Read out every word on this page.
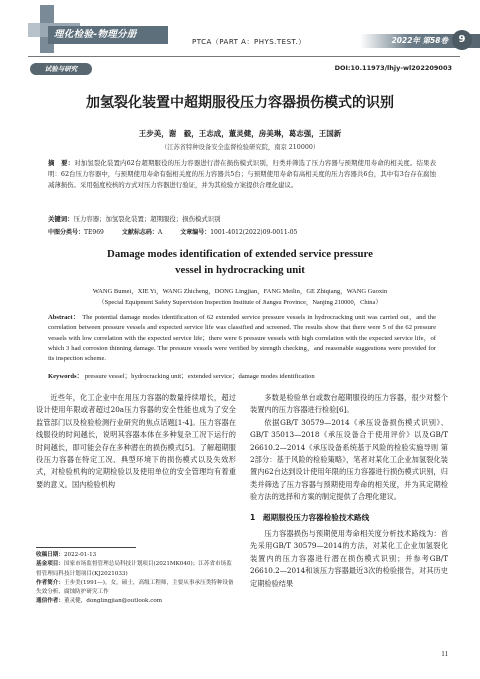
理化检验-物理分册
PTCA（PART A：PHYS.TEST.）	2022年 第58卷	9
试验与研究	DOI:10.11973/lhjy-wl202209003
加氢裂化装置中超期服役压力容器损伤模式的识别
王步美，谢　毅，王志成，董灵健，房美琳，葛志强，王国新
（江苏省特种设备安全监督检验研究院，南京 210000）
摘　要：对加氢裂化装置内62台超期服役的压力容器进行潜在损伤模式识别，归类并筛选了压力容器与预期使用寿命的相关度。结果表明：62台压力容器中，与预期使用寿命有强相关度的压力容器共5台；与预期使用寿命有高相关度的压力容器共6台，其中有3台存在腐蚀减薄损伤。采用强度校核的方式对压力容器进行验证，并为其检验方案提供合理化建议。
关键词：压力容器；加氢裂化装置；超期服役；损伤模式识别
中图分类号：TE969	文献标志码：A	文章编号：1001-4012(2022)09-0011-05
Damage modes identification of extended service pressure
vessel in hydrocracking unit
WANG Bumei，XIE Yi，WANG Zhicheng，DONG Lingjian，FANG Meilin，GE Zhiqiang，WANG Guoxin
（Special Equipment Safety Supervision Inspection Institute of Jiangsu Province，Nanjing 210000，China）
Abstract： The potential damage modes identification of 62 extended service pressure vessels in hydrocracking unit was carried out，and the correlation between pressure vessels and expected service life was classified and screened. The results show that there were 5 of the 62 pressure vessels with low correlation with the expected service life；there were 6 pressure vessels with high correlation with the expected service life，of which 3 had corrosion thinning damage. The pressure vessels were verified by strength checking，and reasonable suggestions were provided for its inspection scheme.
Keywords： pressure vessel；hydrocracking unit；extended service；damage modes identification

近些年，化工企业中在用压力容器的数量持续增长，超过设计使用年限或者超过20a压力容器的安全性能也成为了安全监管部门以及检验检测行业研究的焦点话题[1-4]。压力容器在线服役的时间越长，说明其容器本体在多种复杂工况下运行的时间越长，即可能会存在多种潜在的损伤模式[5]。了解超期服役压力容器在特定工况、典型环境下的损伤模式以及失效形式，对检验机构的定期检验以及使用单位的安全管理均有着重要的意义。国内检验机构

多数是检验单台或数台超期服役的压力容器，很少对整个装置内的压力容器进行检验[6]。

依据GB/T 30579—2014《承压设备损伤模式识别》、GB/T 35013—2018《承压设备合于使用评价》以及GB/T 26610.2—2014《承压设备系统基于风险的检验实施导则 第2部分：基于风险的检验策略》，笔者对某化工企业加氢裂化装置内62台达到设计使用年限的压力容器进行损伤模式识别，归类并筛选了压力容器与预期使用寿命的相关度，并为其定期检验方法的选择和方案的制定提供了合理化建议。

1　超期服役压力容器检验技术路线

压力容器损伤与预期使用寿命相关度分析技术路线为：首先采用GB/T 30579—2014的方法，对某化工企业加氢裂化装置内的压力容器进行潜在损伤模式识别；并参考GB/T 26610.2—2014和该压力容器最近3次的检验报告，对其历史定期检验结果

收稿日期：2022-01-13
基金项目：国家市场监督管理总局科技计划项目(2021MK040)；江苏省市场监督管理局科技计划项目(KJ2021033)
作者简介：王步美(1991—)，女，硕士，高级工程师，主要从事承压类特种设备失效分析、腐蚀防护研究工作
通信作者：董灵健，donglingjian@outlook.com
11
